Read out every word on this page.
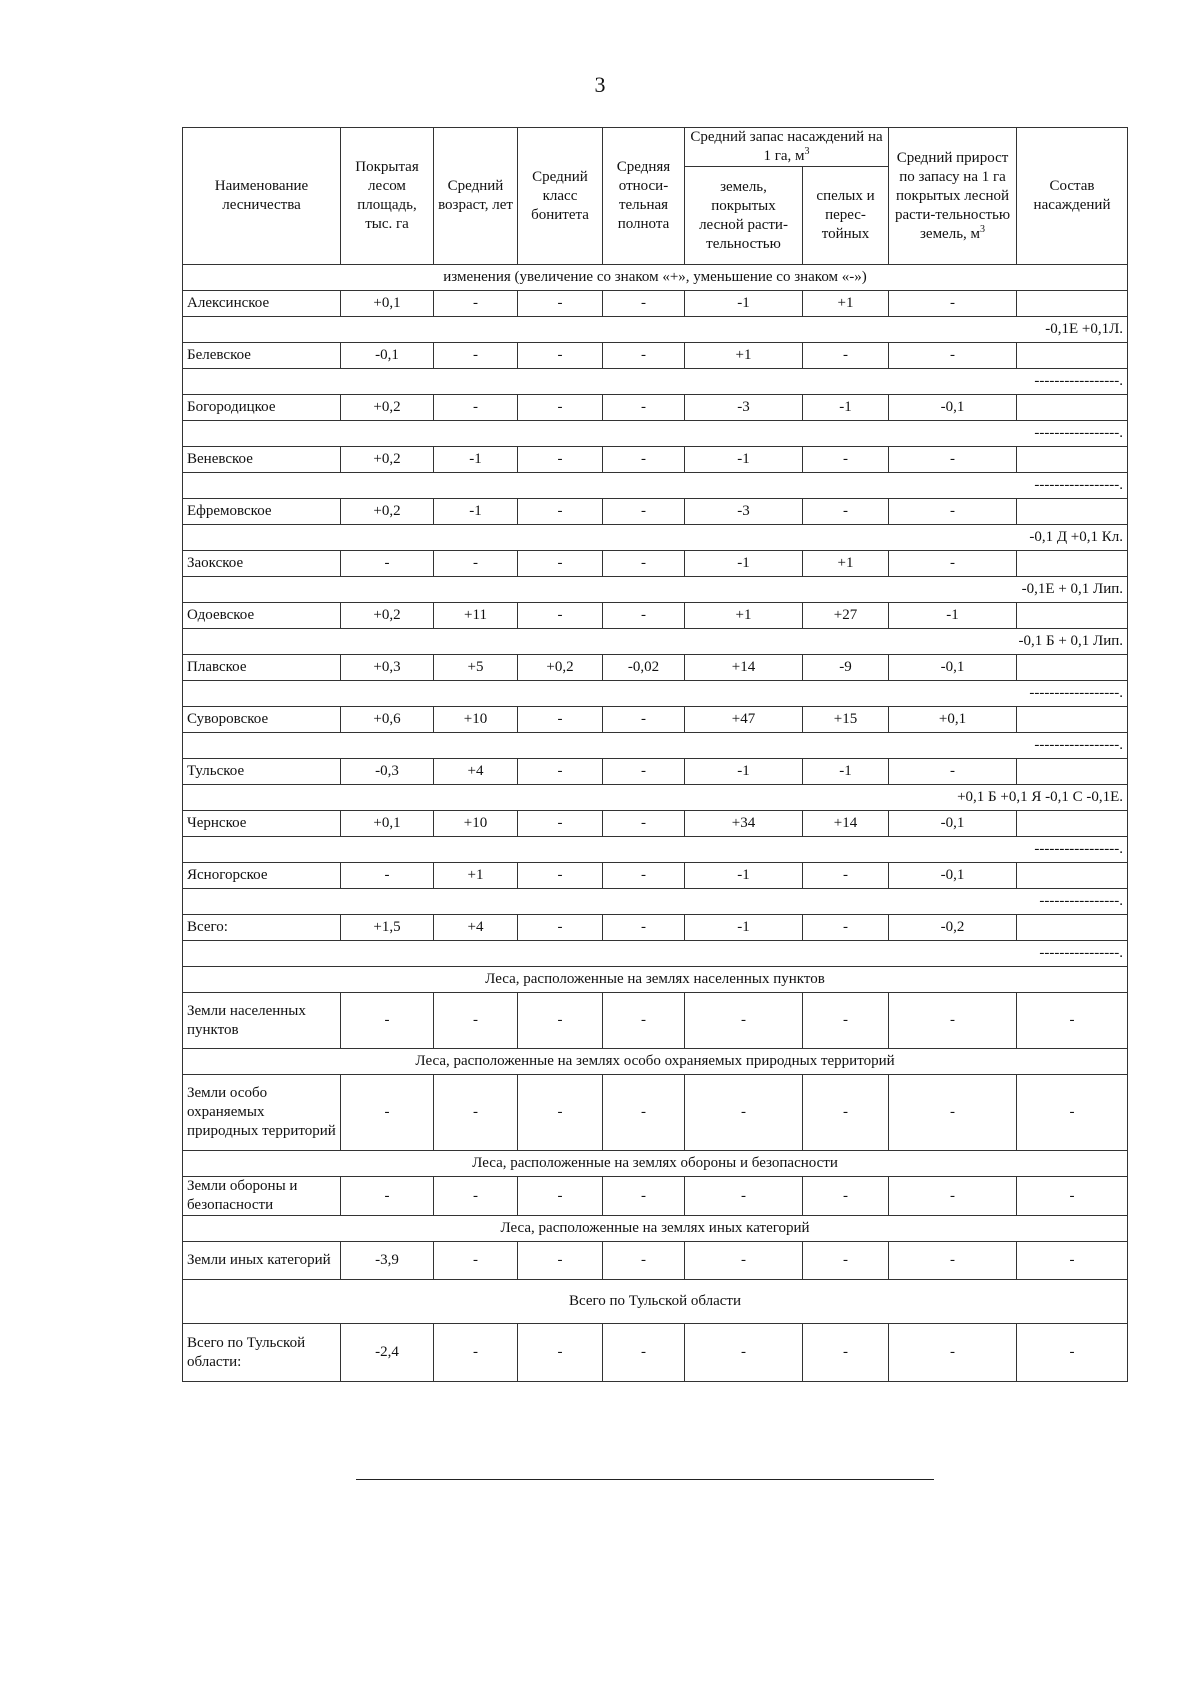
3
Наименование лесничества	Покрытая лесом площадь, тыс. га	Средний возраст, лет	Средний класс бонитета	Средняя относи-тельная полнота	Средний запас насаждений на 1 га, $м^3$		Средний прирост по запасу на 1 га покрытых лесной расти-тельностью земель, $м^3$	Состав насаждений
					земель, покрытых лесной расти-тельностью	спелых и перес-тойных		
изменения (увеличение со знаком «+», уменьшение со знаком «-»)								
Алексинское	+0,1	-	-	-	-1	+1	-	
-0,1Е +0,1Л.								
Белевское	-0,1	-	-	-	+1	-	-	
-----------------.								
Богородицкое	+0,2	-	-	-	-3	-1	-0,1	
-----------------.								
Веневское	+0,2	-1	-	-	-1	-	-	
-----------------.								
Ефремовское	+0,2	-1	-	-	-3	-	-	
-0,1 Д +0,1 Кл.								
Заокское	-	-	-	-	-1	+1	-	
-0,1Е + 0,1 Лип.								
Одоевское	+0,2	+11	-	-	+1	+27	-1	
-0,1 Б + 0,1 Лип.								
Плавское	+0,3	+5	+0,2	-0,02	+14	-9	-0,1	
------------------.								
Суворовское	+0,6	+10	-	-	+47	+15	+0,1	
-----------------.								
Тульское	-0,3	+4	-	-	-1	-1	-	
+0,1 Б +0,1 Я -0,1 С -0,1Е.								
Чернское	+0,1	+10	-	-	+34	+14	-0,1	
-----------------.								
Ясногорское	-	+1	-	-	-1	-	-0,1	
----------------.								
Всего:	+1,5	+4	-	-	-1	-	-0,2	
----------------.								
Леса, расположенные на землях населенных пунктов								
Земли населенных пунктов	-	-	-	-	-	-	-	-
Леса, расположенные на землях особо охраняемых природных территорий								
Земли особо охраняемых природных территорий	-	-	-	-	-	-	-	-
Леса, расположенные на землях обороны и безопасности								
Земли обороны и безопасности	-	-	-	-	-	-	-	-
Леса, расположенные на землях иных категорий								
Земли иных категорий	-3,9	-	-	-	-	-	-	-
Всего по Тульской области								
Всего по Тульской области:	-2,4	-	-	-	-	-	-	-
